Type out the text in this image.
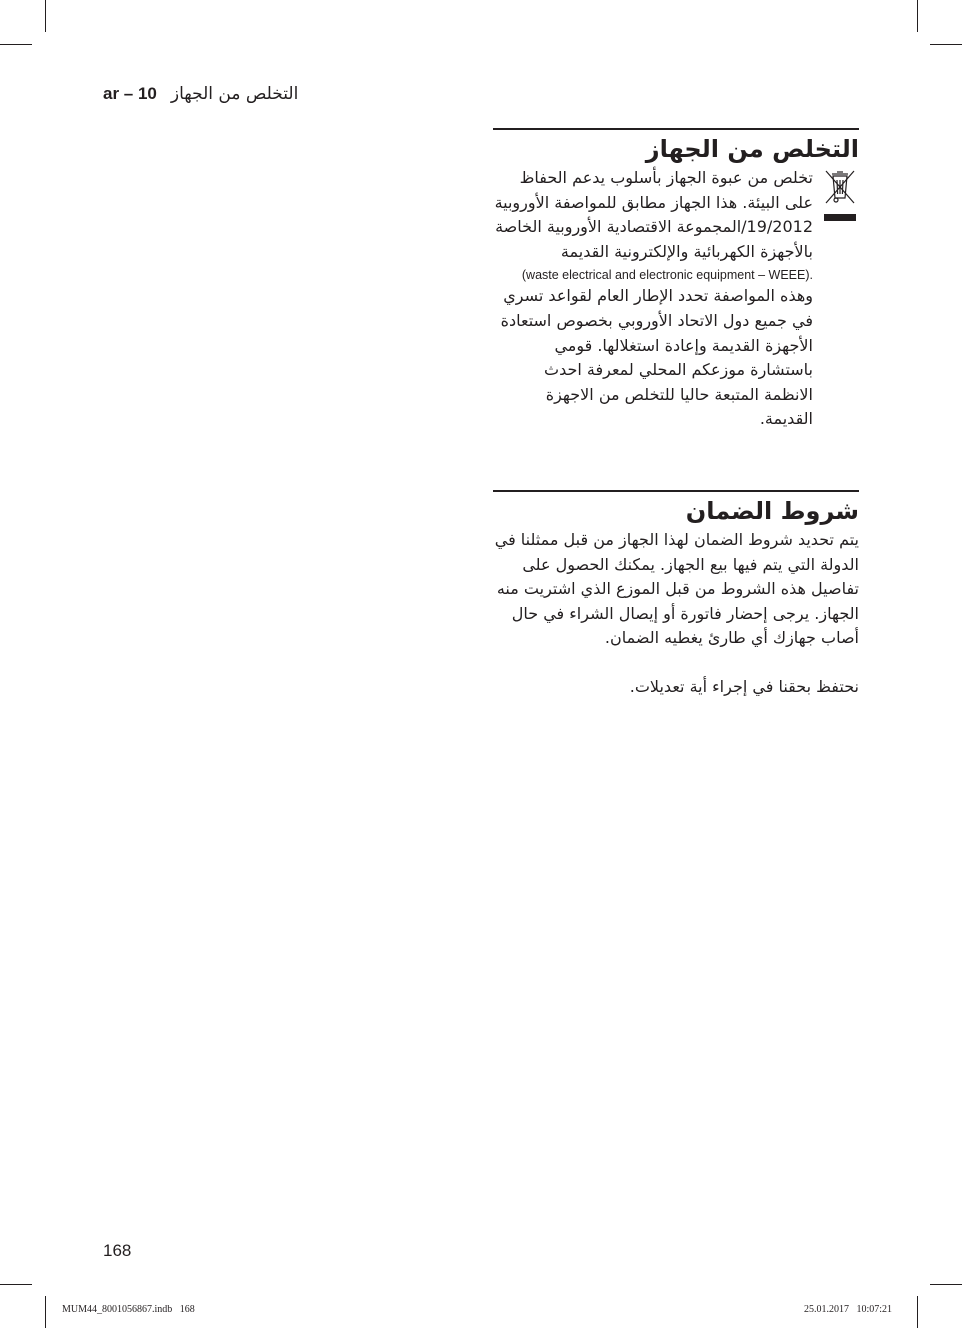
ar – 10 التخلص من الجهاز
التخلص من الجهاز
تخلص من عبوة الجهاز بأسلوب يدعم الحفاظ على البيئة. هذا الجهاز مطابق للمواصفة الأوروبية 19/2012/المجموعة الاقتصادية الأوروبية الخاصة بالأجهزة الكهربائية والإلكترونية القديمة
(waste electrical and electronic equipment – WEEE).
وهذه المواصفة تحدد الإطار العام لقواعد تسري في جميع دول الاتحاد الأوروبي بخصوص استعادة الأجهزة القديمة وإعادة استغلالها. قومي باستشارة موزعكم المحلي لمعرفة احدث الانظمة المتبعة حاليا للتخلص من الاجهزة القديمة.
شروط الضمان
يتم تحديد شروط الضمان لهذا الجهاز من قبل ممثلنا في الدولة التي يتم فيها بيع الجهاز. يمكنك الحصول على تفاصيل هذه الشروط من قبل الموزع الذي اشتريت منه الجهاز. يرجى إحضار فاتورة أو إيصال الشراء في حال أصاب جهازك أي طارئ يغطيه الضمان.
نحتفظ بحقنا في إجراء أية تعديلات.
168
MUM44_8001056867.indb   168	25.01.2017   10:07:21
